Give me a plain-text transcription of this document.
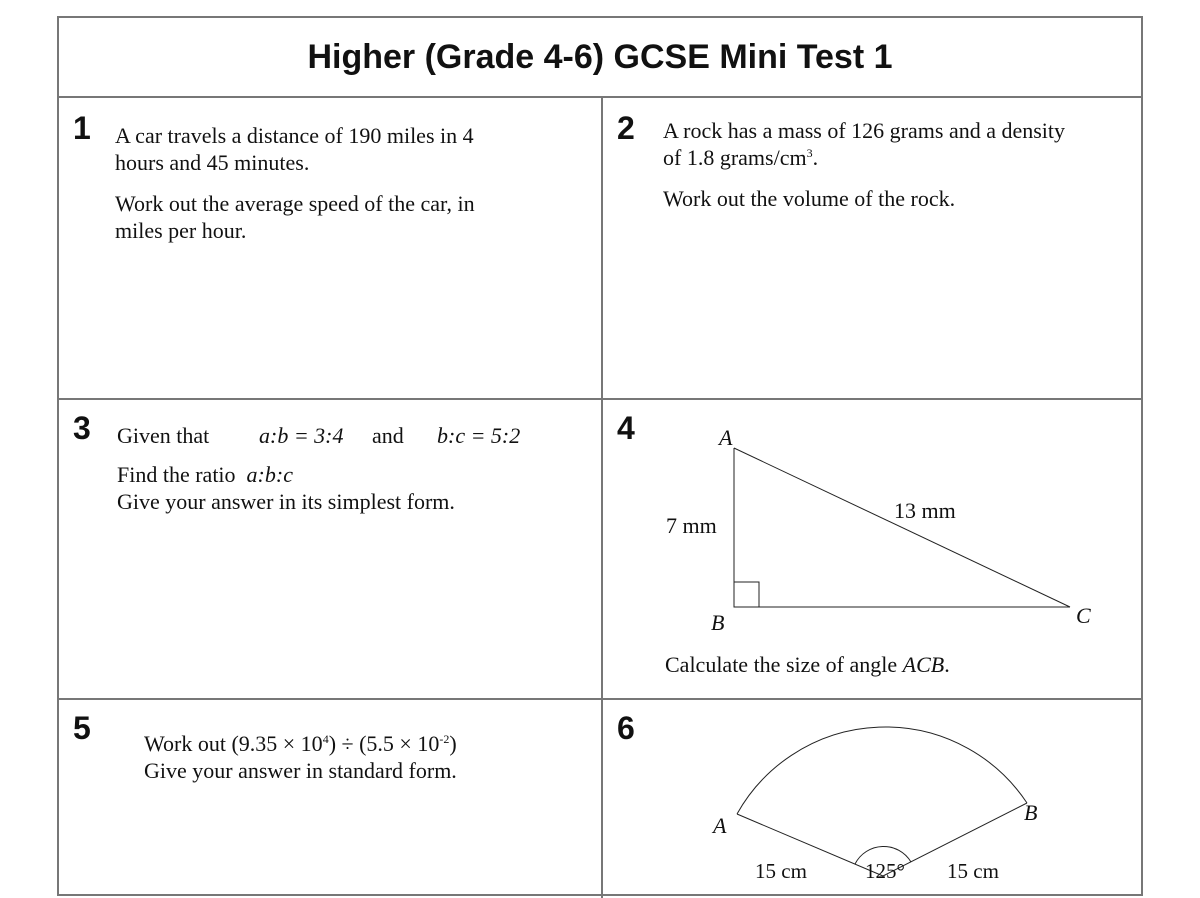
Higher (Grade 4-6) GCSE Mini Test 1
1 A car travels a distance of 190 miles in 4
hours and 45 minutes.
Work out the average speed of the car, in
miles per hour.
2 A rock has a mass of 126 grams and a density
of 1.8 grams/$cm^3$.
Work out the volume of the rock.
3 Given that a:b = 3:4 and b:c = 5:2
Find the ratio a:b:c
Give your answer in its simplest form.
4	A
B	C
7 mm
13 mm
Calculate the size of angle ACB.
5 Work out $(9.35 \times 10^4) \div (5.5 \times 10^{-2})$
Give your answer in standard form.
6
A
B
15 cm	15 cm
125°
